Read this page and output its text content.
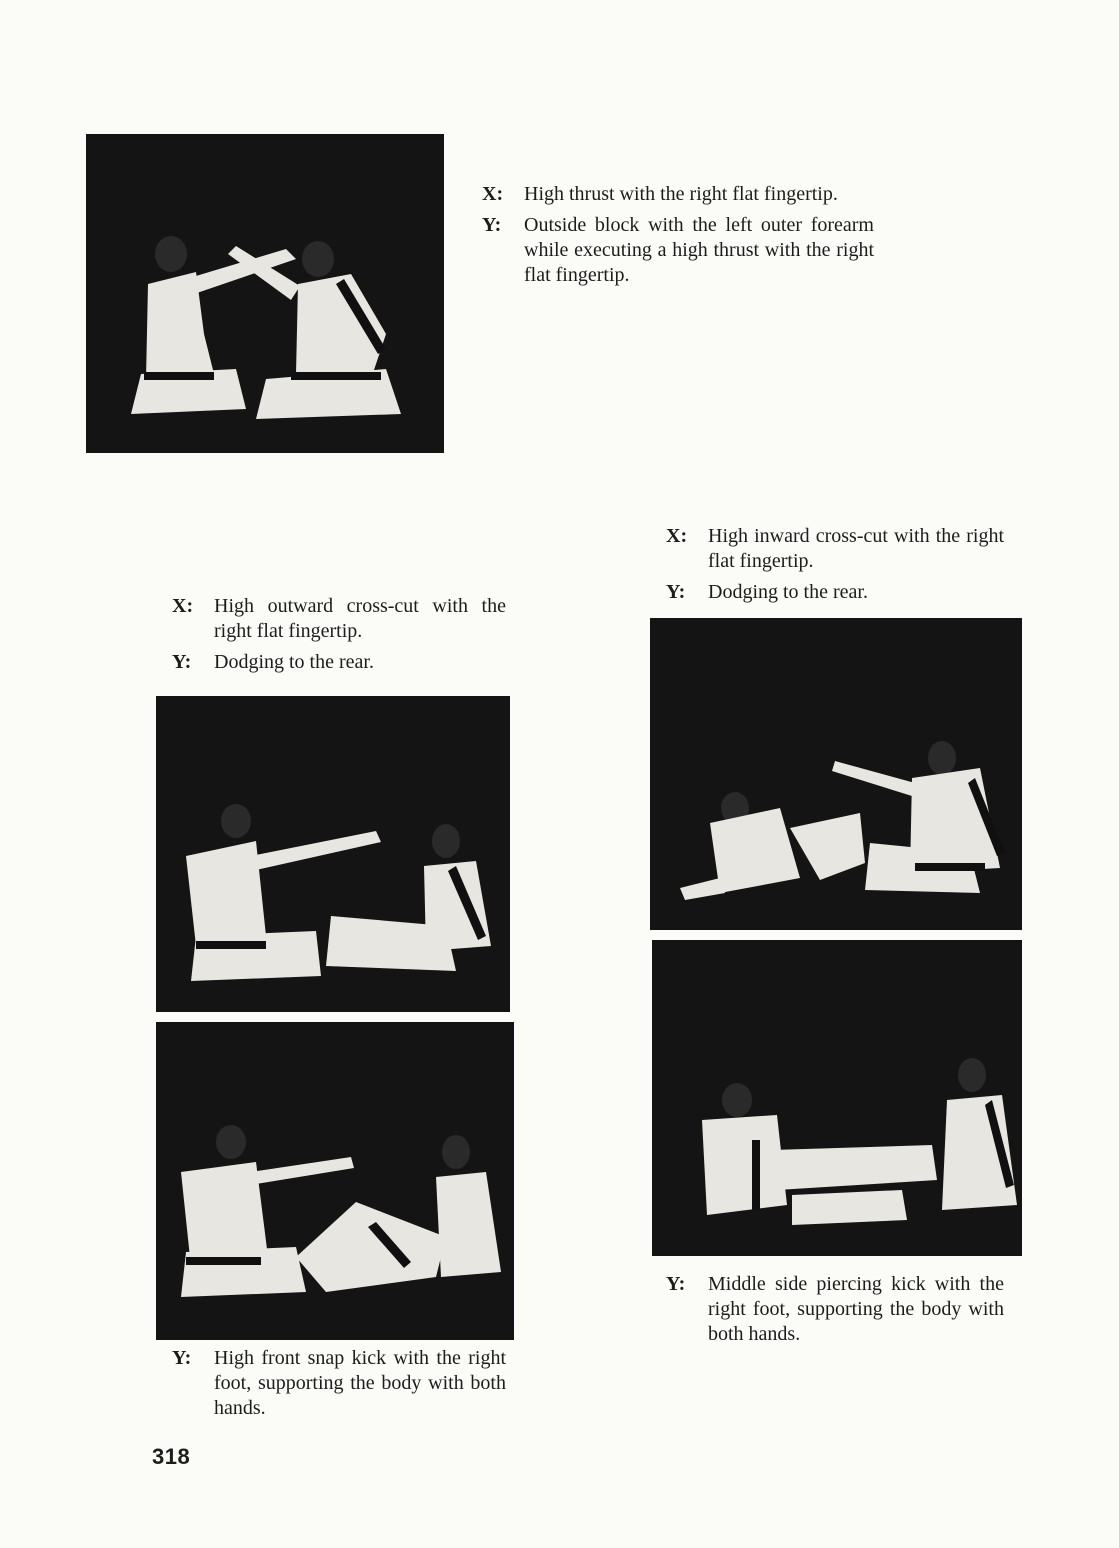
X:	High thrust with the right flat fingertip.
Y:	Outside block with the left outer forearm while executing a high thrust with the right flat fingertip.
X:	High outward cross-cut with the right flat fingertip.
Y:	Dodging to the rear.
Y:	High front snap kick with the right foot, supporting the body with both hands.
X:	High inward cross-cut with the right flat fingertip.
Y:	Dodging to the rear.
Y:	Middle side piercing kick with the right foot, supporting the body with both hands.
318
